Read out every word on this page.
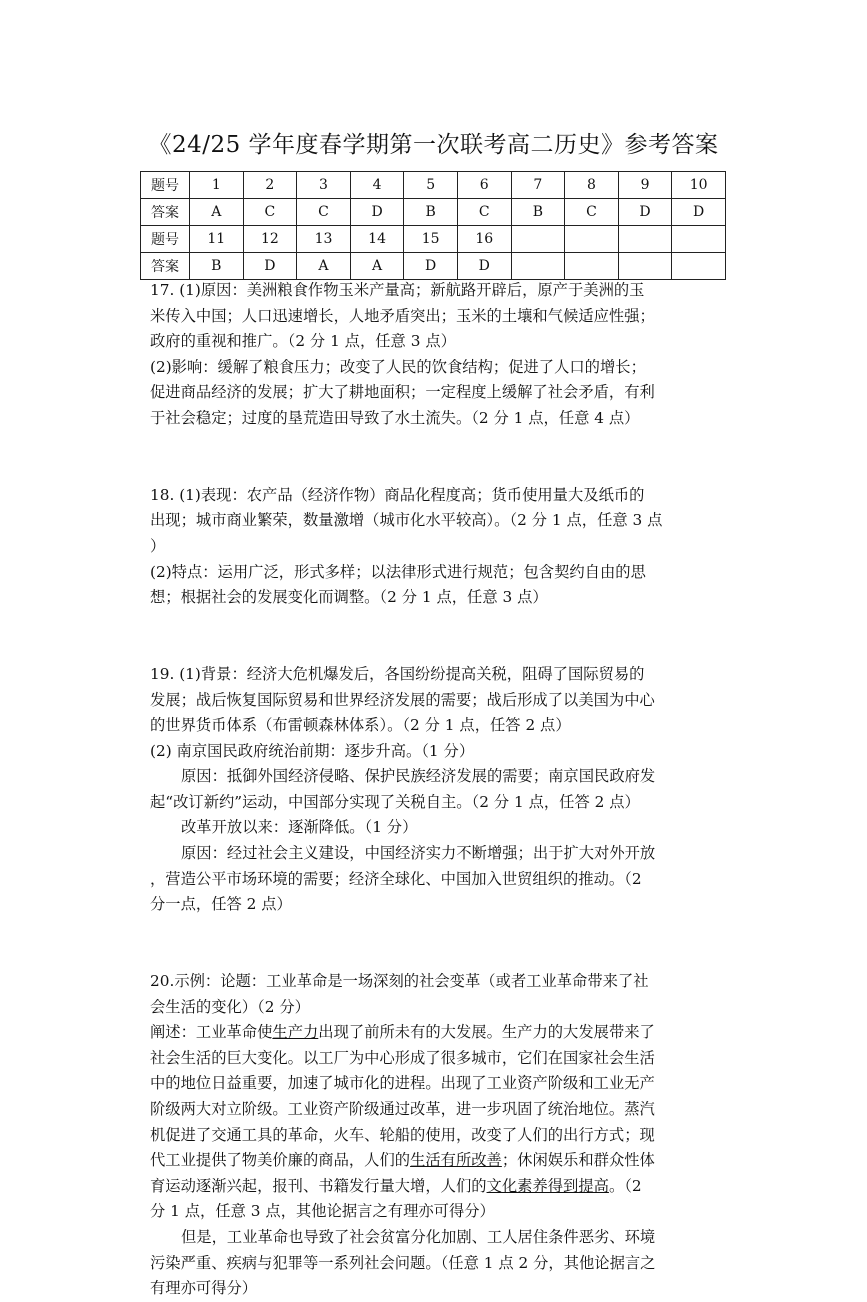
《24/25 学年度春学期第一次联考高二历史》参考答案
题号	1	2	3	4	5	6	7	8	9	10
答案	A	C	C	D	B	C	B	C	D	D
题号	11	12	13	14	15	16				
答案	B	D	A	A	D	D				

17. (1)原因：美洲粮食作物玉米产量高；新航路开辟后，原产于美洲的玉

米传入中国；人口迅速增长，人地矛盾突出；玉米的土壤和气候适应性强；

政府的重视和推广。（2 分 1 点，任意 3 点）

(2)影响：缓解了粮食压力；改变了人民的饮食结构；促进了人口的增长；

促进商品经济的发展；扩大了耕地面积；一定程度上缓解了社会矛盾，有利

于社会稳定；过度的垦荒造田导致了水土流失。（2 分 1 点，任意 4 点）

18. (1)表现：农产品（经济作物）商品化程度高；货币使用量大及纸币的

出现；城市商业繁荣，数量激增（城市化水平较高）。（2 分 1 点，任意 3 点

）

(2)特点：运用广泛，形式多样；以法律形式进行规范；包含契约自由的思

想；根据社会的发展变化而调整。（2 分 1 点，任意 3 点）

19. (1)背景：经济大危机爆发后，各国纷纷提高关税，阻碍了国际贸易的

发展；战后恢复国际贸易和世界经济发展的需要；战后形成了以美国为中心

的世界货币体系（布雷顿森林体系）。（2 分 1 点，任答 2 点）

(2) 南京国民政府统治前期：逐步升高。（1 分）

原因：抵御外国经济侵略、保护民族经济发展的需要；南京国民政府发

起“改订新约”运动，中国部分实现了关税自主。（2 分 1 点，任答 2 点）

改革开放以来：逐渐降低。（1 分）

原因：经过社会主义建设，中国经济实力不断增强；出于扩大对外开放

，营造公平市场环境的需要；经济全球化、中国加入世贸组织的推动。（2

分一点，任答 2 点）

20.示例：论题：工业革命是一场深刻的社会变革（或者工业革命带来了社

会生活的变化）（2 分）

阐述：工业革命使生产力出现了前所未有的大发展。生产力的大发展带来了

社会生活的巨大变化。以工厂为中心形成了很多城市，它们在国家社会生活

中的地位日益重要，加速了城市化的进程。出现了工业资产阶级和工业无产

阶级两大对立阶级。工业资产阶级通过改革，进一步巩固了统治地位。蒸汽

机促进了交通工具的革命，火车、轮船的使用，改变了人们的出行方式；现

代工业提供了物美价廉的商品，人们的生活有所改善；休闲娱乐和群众性体

育运动逐渐兴起，报刊、书籍发行量大增，人们的文化素养得到提高。（2

分 1 点，任意 3 点，其他论据言之有理亦可得分）

但是，工业革命也导致了社会贫富分化加剧、工人居住条件恶劣、环境

污染严重、疾病与犯罪等一系列社会问题。（任意 1 点 2 分，其他论据言之

有理亦可得分）
